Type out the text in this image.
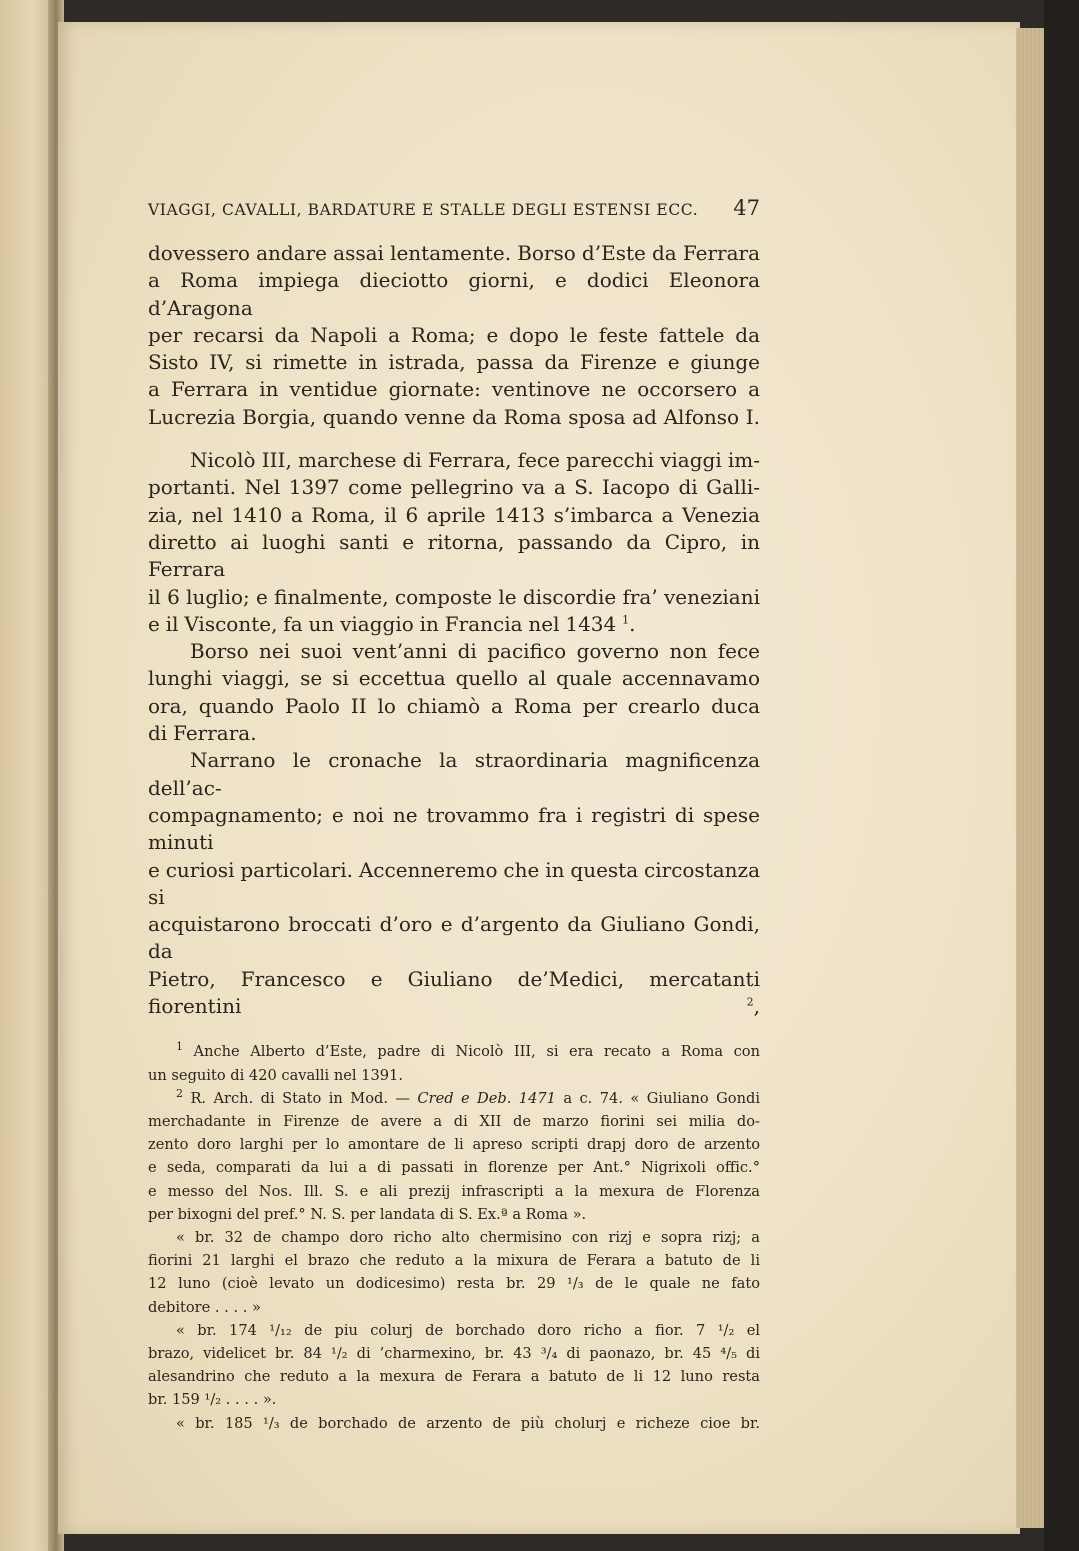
VIAGGI, CAVALLI, BARDATURE E STALLE DEGLI ESTENSI ECC. 47

dovessero andare assai lentamente. Borso d’Este da Ferrara

a Roma impiega dieciotto giorni, e dodici Eleonora d’Aragona

per recarsi da Napoli a Roma; e dopo le feste fattele da

Sisto IV, si rimette in istrada, passa da Firenze e giunge

a Ferrara in ventidue giornate: ventinove ne occorsero a

Lucrezia Borgia, quando venne da Roma sposa ad Alfonso I.

Nicolò III, marchese di Ferrara, fece parecchi viaggi im-

portanti. Nel 1397 come pellegrino va a S. Iacopo di Galli-

zia, nel 1410 a Roma, il 6 aprile 1413 s’imbarca a Venezia

diretto ai luoghi santi e ritorna, passando da Cipro, in Ferrara

il 6 luglio; e finalmente, composte le discordie fra’ veneziani

e il Visconte, fa un viaggio in Francia nel 1434 $^1$.

Borso nei suoi vent’anni di pacifico governo non fece

lunghi viaggi, se si eccettua quello al quale accennavamo

ora, quando Paolo II lo chiamò a Roma per crearlo duca

di Ferrara.

Narrano le cronache la straordinaria magnificenza dell’ac-

compagnamento; e noi ne trovammo fra i registri di spese minuti

e curiosi particolari. Accenneremo che in questa circostanza si

acquistarono broccati d’oro e d’argento da Giuliano Gondi, da

Pietro, Francesco e Giuliano de’Medici, mercatanti fiorentini	$^2$,

$^1$ Anche Alberto d’Este, padre di Nicolò III, si era recato a Roma con

un seguito di 420 cavalli nel 1391.

$^2$ R. Arch. di Stato in Mod. — Cred e Deb. 1471 a c. 74. « Giuliano Gondi

merchadante in Firenze de avere a di XII de marzo fiorini sei milia do-

zento doro larghi per lo amontare de li apreso scripti drapj doro de arzento

e seda, comparati da lui a di passati in florenze per Ant.° Nigrixoli offic.°

e messo del Nos. Ill. S. e ali prezij infrascripti a la mexura de Florenza

per bixogni del pref.° N. S. per landata di S. Ex.ª a Roma ».

« br. 32 de champo doro richo alto chermisino con rizj e sopra rizj; a

fiorini 21 larghi el brazo che reduto a la mixura de Ferara a batuto de li

12 luno (cioè levato un dodicesimo) resta br. 29 ¹/₃ de le quale ne fato

debitore . . . . »

« br. 174 ¹/₁₂ de piu colurj de borchado doro richo a fior. 7 ¹/₂ el

brazo, videlicet br. 84 ¹/₂ di ’charmexino, br. 43 ³/₄ di paonazo, br. 45 ⁴/₅ di

alesandrino che reduto a la mexura de Ferara a batuto de li 12 luno resta

br. 159 ¹/₂ . . . . ».

« br. 185 ¹/₃ de borchado de arzento de più cholurj e richeze cioe br.
